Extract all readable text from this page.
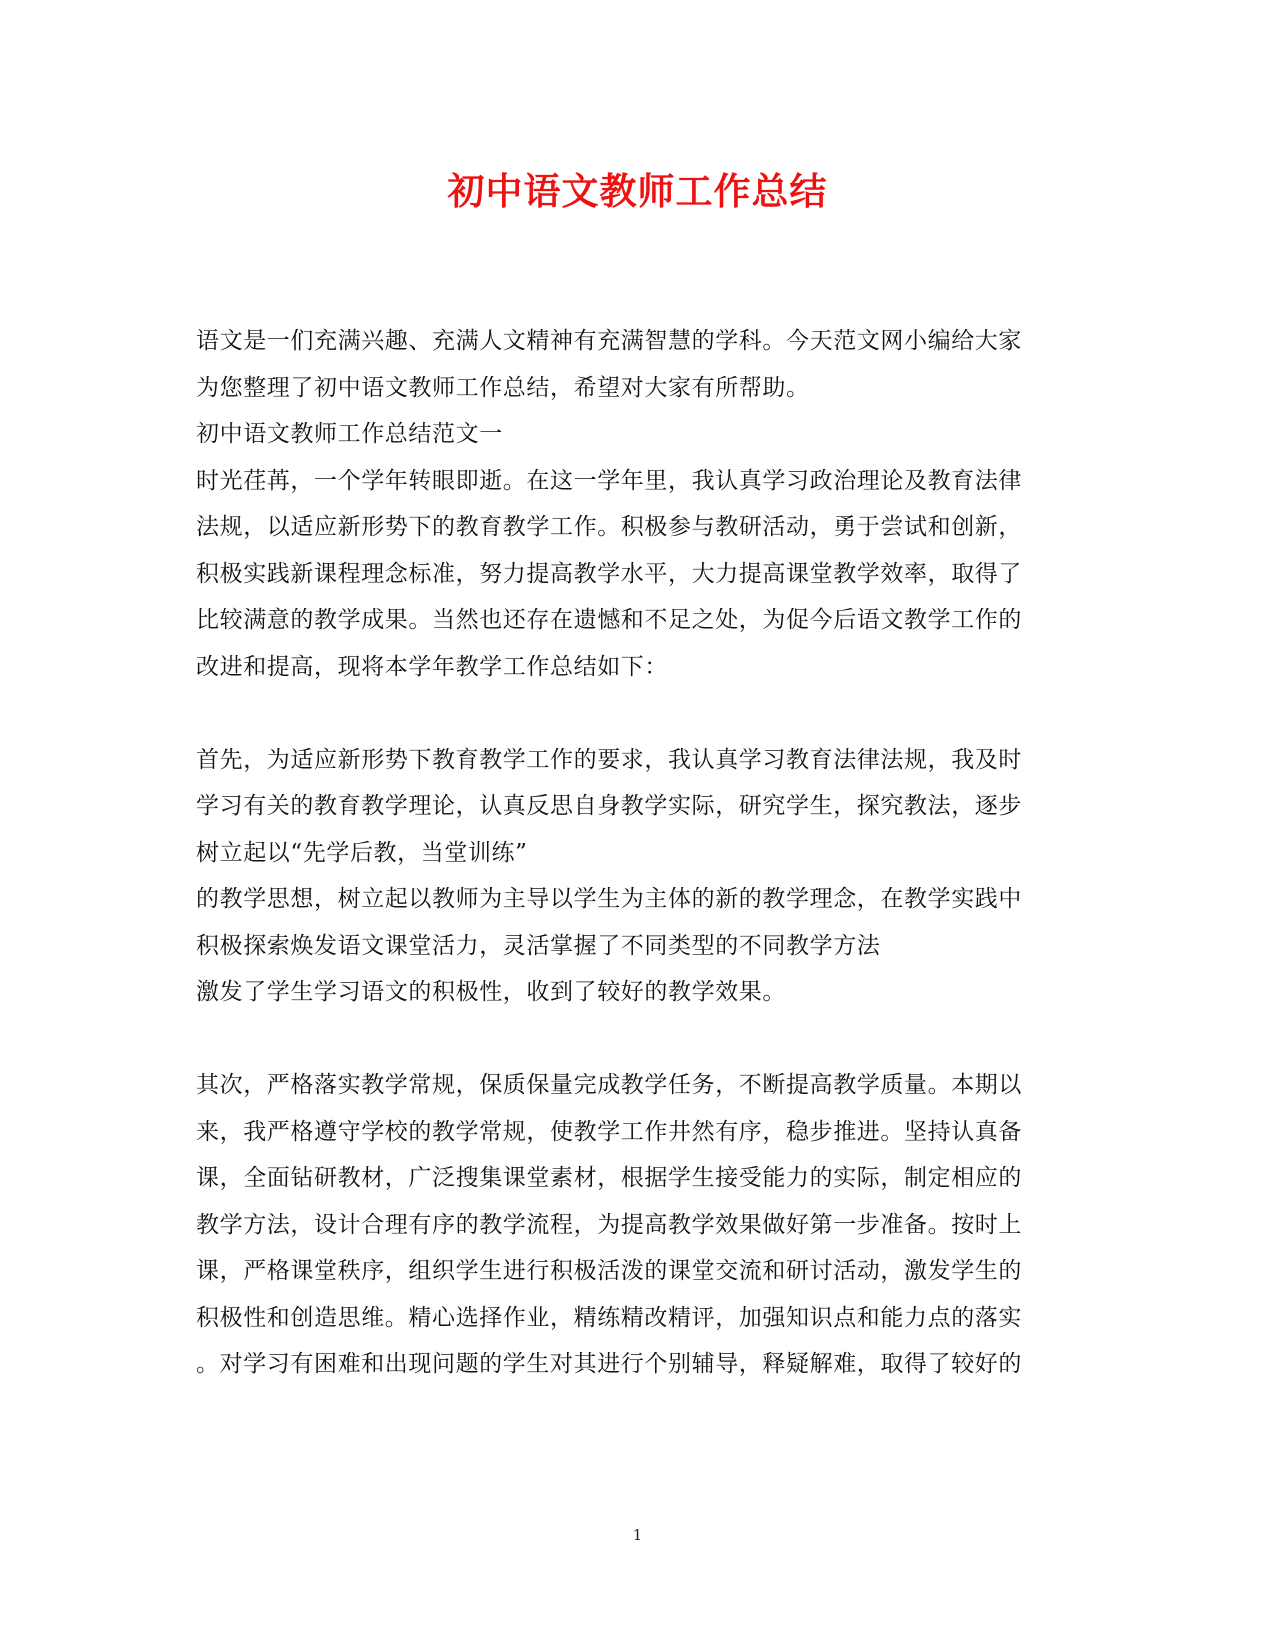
初中语文教师工作总结
语文是一们充满兴趣、充满人文精神有充满智慧的学科。今天范文网小编给大家
为您整理了初中语文教师工作总结，希望对大家有所帮助。
初中语文教师工作总结范文一
时光荏苒，一个学年转眼即逝。在这一学年里，我认真学习政治理论及教育法律
法规，以适应新形势下的教育教学工作。积极参与教研活动，勇于尝试和创新，
积极实践新课程理念标准，努力提高教学水平，大力提高课堂教学效率，取得了
比较满意的教学成果。当然也还存在遗憾和不足之处，为促今后语文教学工作的
改进和提高，现将本学年教学工作总结如下：
首先，为适应新形势下教育教学工作的要求，我认真学习教育法律法规，我及时
学习有关的教育教学理论，认真反思自身教学实际，研究学生，探究教法，逐步
树立起以“先学后教，当堂训练”
的教学思想，树立起以教师为主导以学生为主体的新的教学理念，在教学实践中
积极探索焕发语文课堂活力，灵活掌握了不同类型的不同教学方法
激发了学生学习语文的积极性，收到了较好的教学效果。
其次，严格落实教学常规，保质保量完成教学任务，不断提高教学质量。本期以
来，我严格遵守学校的教学常规，使教学工作井然有序，稳步推进。坚持认真备
课，全面钻研教材，广泛搜集课堂素材，根据学生接受能力的实际，制定相应的
教学方法，设计合理有序的教学流程，为提高教学效果做好第一步准备。按时上
课，严格课堂秩序，组织学生进行积极活泼的课堂交流和研讨活动，激发学生的
积极性和创造思维。精心选择作业，精练精改精评，加强知识点和能力点的落实
。对学习有困难和出现问题的学生对其进行个别辅导，释疑解难，取得了较好的
1
